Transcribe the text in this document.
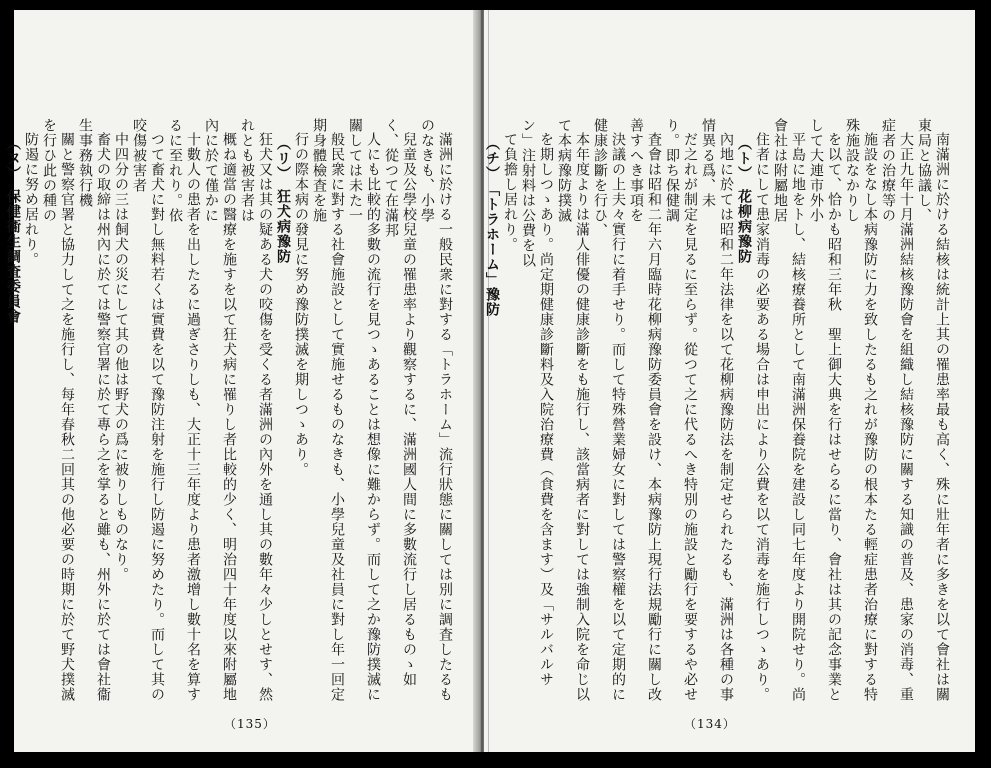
滿洲に於ける一般民衆に對する「トラホーム」流行狀態に關しては別に調査したるものなきも、小學

兒童及公學校兒童の罹患率より觀察するに、滿洲國人間に多數流行し居るものゝ如く、從つて在滿邦

人にも比較的多數の流行を見つゝあることは想像に難からず。而して之か豫防撲滅に關しては未た一

般民衆に對する社會施設として實施せるものなきも、小學兒童及社員に對し年一回定期身體檢査を施

行の際本病の發見に努め豫防撲滅を期しつゝあり。

（リ）　狂犬病豫防

狂犬又は其の疑ある犬の咬傷を受くる者滿洲の內外を通し其の數年々少しとせす、然れとも被害者は

概ね適當の醫療を施すを以て狂犬病に罹りし者比較的少く、明治四十年度以來附屬地內に於て僅かに

十數人の患者を出したるに過ぎさりしも、大正十三年度より患者激增し數十名を算するに至れり。依

つて畜犬に對し無料若くは實費を以て豫防注射を施行し防遏に努めたり。而して其の咬傷被害者

中四分の三は飼犬の災にして其の他は野犬の爲に被りしものなり。

畜犬の取締は州內に於ては警察官署に於て專ら之を掌ると雖も、州外に於ては會社衞生事務執行機

關と警察官署と協力して之を施行し、每年春秋二回其の他必要の時期に於て野犬撲滅を行ひ此の種の

防遏に努め居れり。

（ヌ）　保健衞生調査委員會

（135）

南滿洲に於ける結核は統計上其の罹患率最も高く、殊に壯年者に多きを以て會社は關東局と協議し、

大正九年十月滿洲結核豫防會を組織し結核豫防に關する知識の普及、患家の消毒、重症者の治療等の

施設をなし本病豫防に力を致したるも之れが豫防の根本たる輕症患者治療に對する特殊施設なかりし

を以て、恰かも昭和三年秋　聖上御大典を行はせらるに當り、會社は其の記念事業として大連市外小

平島に地をトし、結核療養所として南滿洲保養院を建設し同七年度より開院せり。尚會社は附屬地居

住者にして患家消毒の必要ある場合は申出により公費を以て消毒を施行しつゝあり。

（ト）　花柳病豫防

內地に於ては昭和二年法律を以て花柳病豫防法を制定せられたるも、滿洲は各種の事情異る爲、未

だ之れが制定を見るに至らず。從つて之に代るへき特別の施設と勵行を要するや必せり。即ち保健調

査會は昭和二年六月臨時花柳病豫防委員會を設け、本病豫防上現行法規勵行に關し改善すへき事項を

決議の上夫々實行に着手せり。而して特殊營業婦女に對しては警察權を以て定期的に健康診斷を行ひ、

本年度よりは滿人俳優の健康診斷をも施行し、該當病者に對しては強制入院を命じ以て本病豫防撲滅

を期しつゝあり。尚定期健康診斷料及入院治療費（食費を含ます）及「サルバルサン」注射料は公費を以

て負擔し居れり。

（チ）　「トラホーム」豫防

（134）
